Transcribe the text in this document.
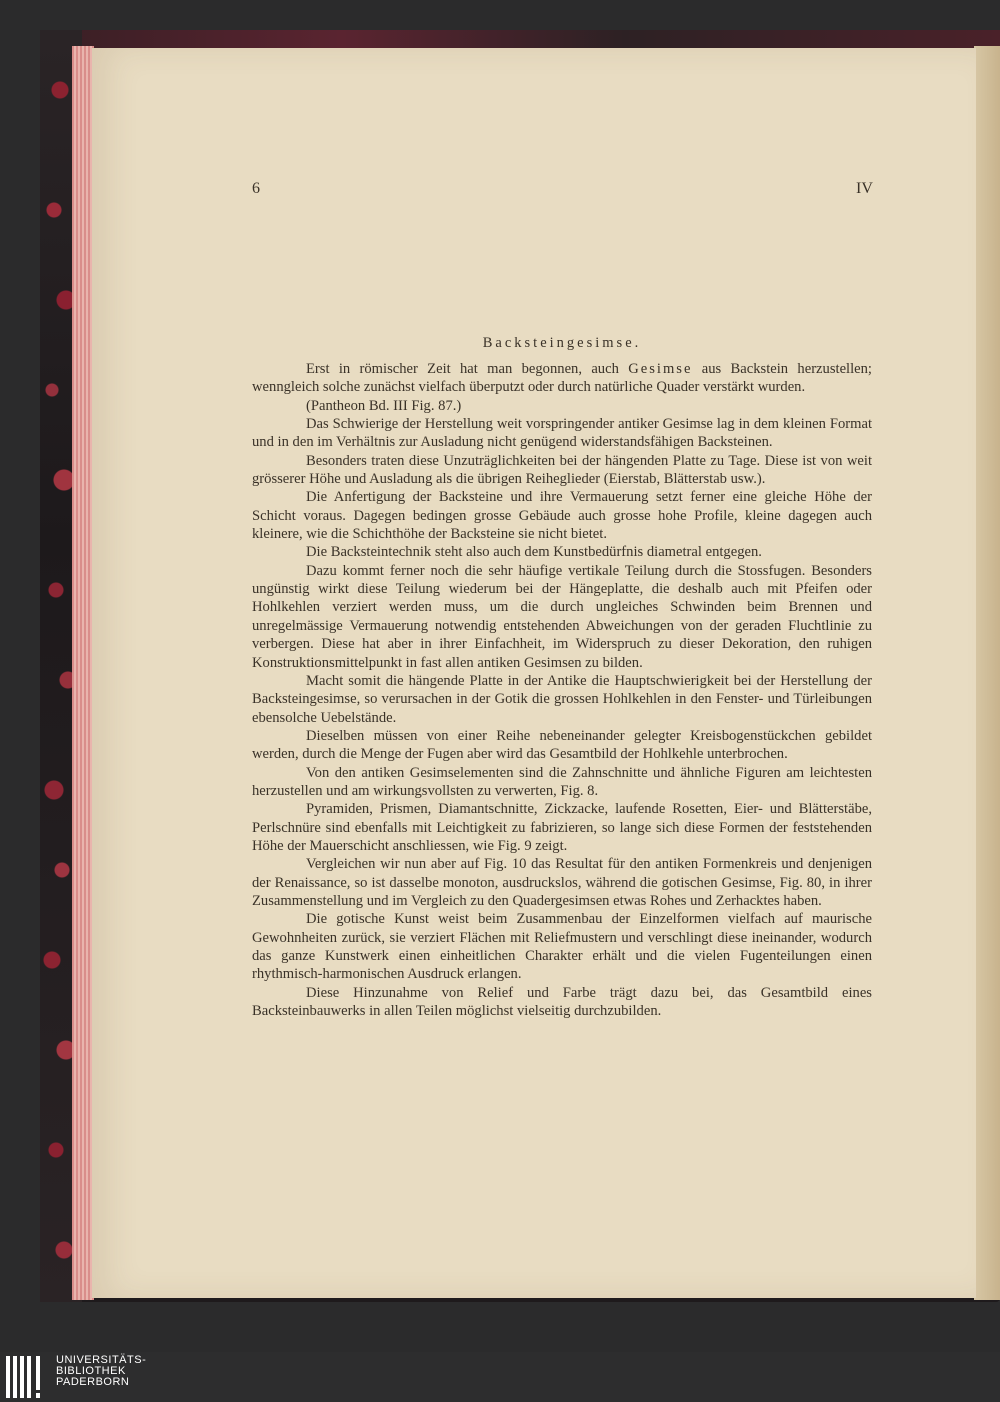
6	IV
Backsteingesimse.

Erst in römischer Zeit hat man begonnen, auch Gesimse aus Backstein herzustellen; wenngleich solche zunächst vielfach überputzt oder durch natürliche Quader verstärkt wurden.

(Pantheon Bd. III Fig. 87.)

Das Schwierige der Herstellung weit vorspringender antiker Gesimse lag in dem kleinen Format und in den im Verhältnis zur Ausladung nicht genügend widerstandsfähigen Backsteinen.

Besonders traten diese Unzuträglichkeiten bei der hängenden Platte zu Tage. Diese ist von weit grösserer Höhe und Ausladung als die übrigen Reiheglieder (Eierstab, Blätterstab usw.).

Die Anfertigung der Backsteine und ihre Vermauerung setzt ferner eine gleiche Höhe der Schicht voraus. Dagegen bedingen grosse Gebäude auch grosse hohe Profile, kleine dagegen auch kleinere, wie die Schichthöhe der Backsteine sie nicht bietet.

Die Backsteintechnik steht also auch dem Kunstbedürfnis diametral entgegen.

Dazu kommt ferner noch die sehr häufige vertikale Teilung durch die Stossfugen. Besonders ungünstig wirkt diese Teilung wiederum bei der Hängeplatte, die deshalb auch mit Pfeifen oder Hohlkehlen verziert werden muss, um die durch ungleiches Schwinden beim Brennen und unregelmässige Vermauerung notwendig entstehenden Abweichungen von der geraden Fluchtlinie zu verbergen. Diese hat aber in ihrer Einfachheit, im Widerspruch zu dieser Dekoration, den ruhigen Konstruktionsmittelpunkt in fast allen antiken Gesimsen zu bilden.

Macht somit die hängende Platte in der Antike die Hauptschwierigkeit bei der Herstellung der Backsteingesimse, so verursachen in der Gotik die grossen Hohlkehlen in den Fenster- und Türleibungen ebensolche Uebelstände.

Dieselben müssen von einer Reihe nebeneinander gelegter Kreisbogenstückchen gebildet werden, durch die Menge der Fugen aber wird das Gesamtbild der Hohlkehle unterbrochen.

Von den antiken Gesimselementen sind die Zahnschnitte und ähnliche Figuren am leichtesten herzustellen und am wirkungsvollsten zu verwerten, Fig. 8.

Pyramiden, Prismen, Diamantschnitte, Zickzacke, laufende Rosetten, Eier- und Blätterstäbe, Perlschnüre sind ebenfalls mit Leichtigkeit zu fabrizieren, so lange sich diese Formen der feststehenden Höhe der Mauerschicht anschliessen, wie Fig. 9 zeigt.

Vergleichen wir nun aber auf Fig. 10 das Resultat für den antiken Formenkreis und denjenigen der Renaissance, so ist dasselbe monoton, ausdruckslos, während die gotischen Gesimse, Fig. 80, in ihrer Zusammenstellung und im Vergleich zu den Quadergesimsen etwas Rohes und Zerhacktes haben.

Die gotische Kunst weist beim Zusammenbau der Einzelformen vielfach auf maurische Gewohnheiten zurück, sie verziert Flächen mit Reliefmustern und verschlingt diese ineinander, wodurch das ganze Kunstwerk einen einheitlichen Charakter erhält und die vielen Fugenteilungen einen rhythmisch-harmonischen Ausdruck erlangen.

Diese Hinzunahme von Relief und Farbe trägt dazu bei, das Gesamtbild eines Backsteinbauwerks in allen Teilen möglichst vielseitig durchzubilden.

UNIVERSITÄTS-
BIBLIOTHEK
PADERBORN
